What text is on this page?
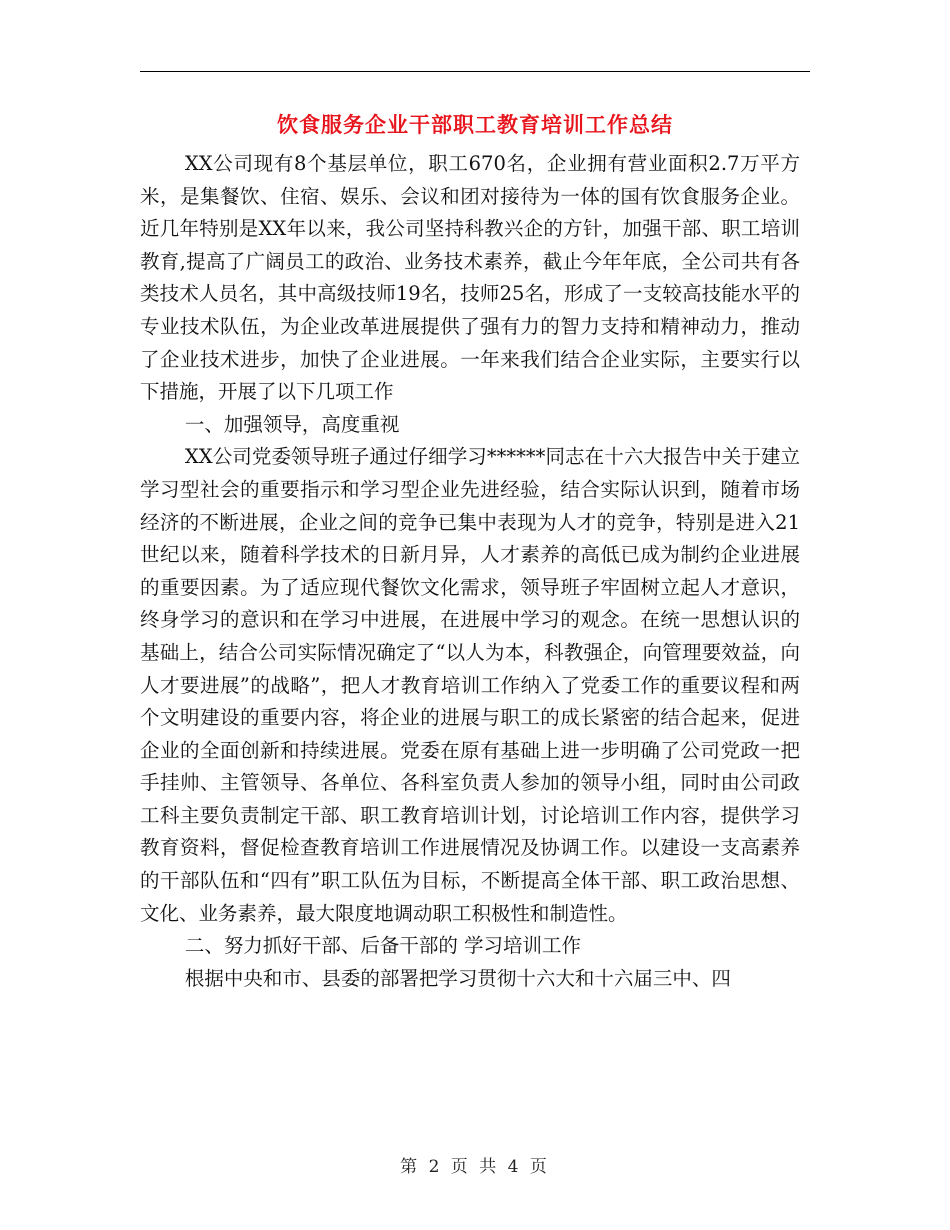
饮食服务企业干部职工教育培训工作总结

XX公司现有8个基层单位，职工670名，企业拥有营业面积2.7万平方米，是集餐饮、住宿、娱乐、会议和团对接待为一体的国有饮食服务企业。近几年特别是XX年以来，我公司坚持科教兴企的方针，加强干部、职工培训教育,提高了广阔员工的政治、业务技术素养，截止今年年底，全公司共有各类技术人员名，其中高级技师19名，技师25名，形成了一支较高技能水平的专业技术队伍，为企业改革进展提供了强有力的智力支持和精神动力，推动了企业技术进步，加快了企业进展。一年来我们结合企业实际，主要实行以下措施，开展了以下几项工作

一、加强领导，高度重视

XX公司党委领导班子通过仔细学习******同志在十六大报告中关于建立学习型社会的重要指示和学习型企业先进经验，结合实际认识到，随着市场经济的不断进展，企业之间的竞争已集中表现为人才的竞争，特别是进入21世纪以来，随着科学技术的日新月异，人才素养的高低已成为制约企业进展的重要因素。为了适应现代餐饮文化需求，领导班子牢固树立起人才意识，终身学习的意识和在学习中进展，在进展中学习的观念。在统一思想认识的基础上，结合公司实际情况确定了“以人为本，科教强企，向管理要效益，向人才要进展”的战略”，把人才教育培训工作纳入了党委工作的重要议程和两个文明建设的重要内容，将企业的进展与职工的成长紧密的结合起来，促进企业的全面创新和持续进展。党委在原有基础上进一步明确了公司党政一把手挂帅、主管领导、各单位、各科室负责人参加的领导小组，同时由公司政工科主要负责制定干部、职工教育培训计划，讨论培训工作内容，提供学习教育资料，督促检查教育培训工作进展情况及协调工作。以建设一支高素养的干部队伍和“四有”职工队伍为目标，不断提高全体干部、职工政治思想、文化、业务素养，最大限度地调动职工积极性和制造性。

二、努力抓好干部、后备干部的 学习培训工作

根据中央和市、县委的部署把学习贯彻十六大和十六届三中、四

第 2 页 共 4 页
